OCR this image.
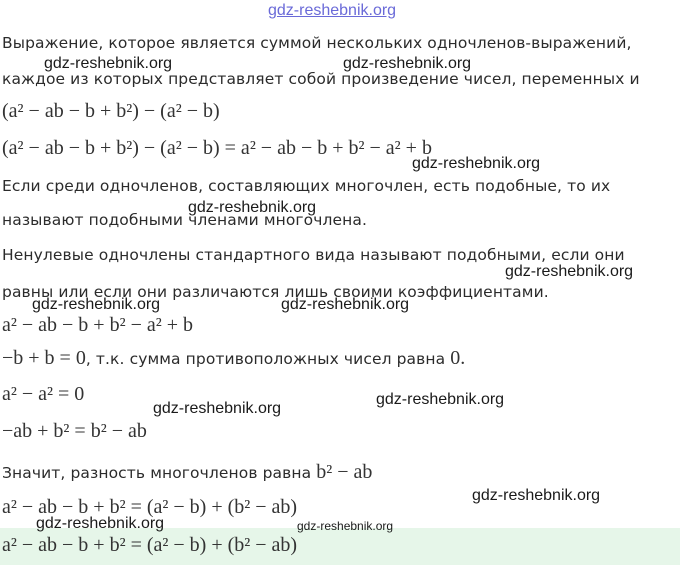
gdz-reshebnik.org
Выражение, которое является суммой нескольких одночленов-выражений,
каждое из которых представляет собой произведение чисел, переменных и
(a² − ab − b + b²) − (a² − b)
(a² − ab − b + b²) − (a² − b) = a² − ab − b + b² − a² + b
Если среди одночленов, составляющих многочлен, есть подобные, то их
называют подобными членами многочлена.
Ненулевые одночлены стандартного вида называют подобными, если они
равны или если они различаются лишь своими коэффициентами.
a² − ab − b + b² − a² + b
−b + b = 0, т.к. сумма противоположных чисел равна 0.
a² − a² = 0
−ab + b² = b² − ab
Значит, разность многочленов равна b² − ab
a² − ab − b + b² = (a² − b) + (b² − ab)
a² − ab − b + b² = (a² − b) + (b² − ab)
gdz-reshebnik.org	gdz-reshebnik.org
gdz-reshebnik.org
gdz-reshebnik.org
gdz-reshebnik.org
gdz-reshebnik.org	gdz-reshebnik.org
gdz-reshebnik.org
gdz-reshebnik.org
gdz-reshebnik.org
gdz-reshebnik.org	gdz-reshebnik.org
